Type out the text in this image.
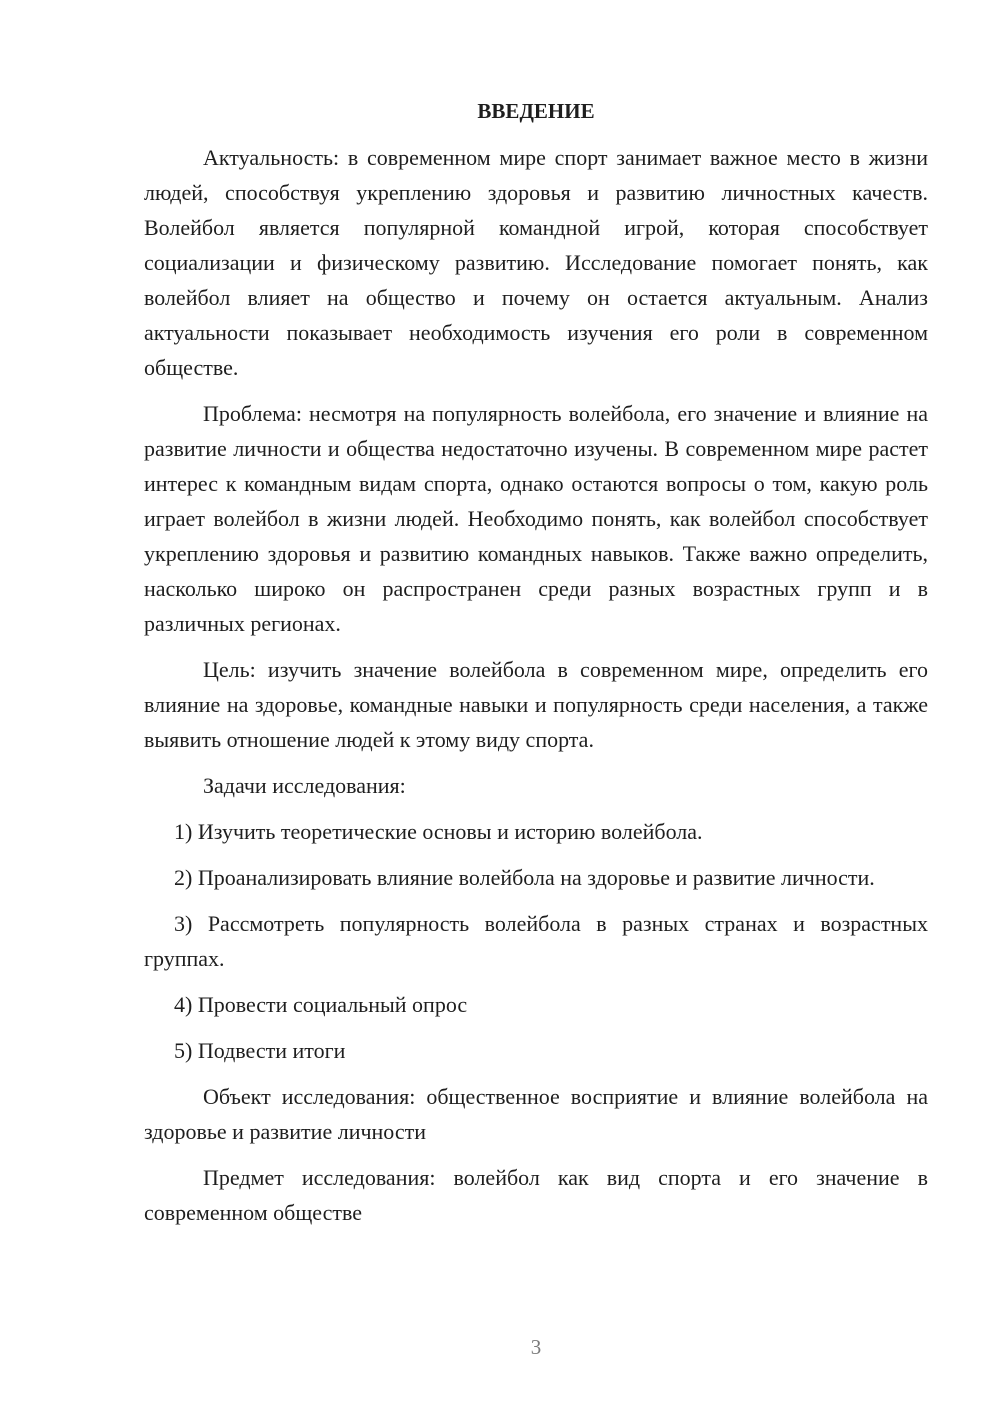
ВВЕДЕНИЕ

Актуальность: в современном мире спорт занимает важное место в жизни людей, способствуя укреплению здоровья и развитию личностных качеств. Волейбол является популярной командной игрой, которая способствует социализации и физическому развитию. Исследование помогает понять, как волейбол влияет на общество и почему он остается актуальным. Анализ актуальности показывает необходимость изучения его роли в современном обществе.

Проблема: несмотря на популярность волейбола, его значение и влияние на развитие личности и общества недостаточно изучены. В современном мире растет интерес к командным видам спорта, однако остаются вопросы о том, какую роль играет волейбол в жизни людей. Необходимо понять, как волейбол способствует укреплению здоровья и развитию командных навыков. Также важно определить, насколько широко он распространен среди разных возрастных групп и в различных регионах.

Цель: изучить значение волейбола в современном мире, определить его влияние на здоровье, командные навыки и популярность среди населения, а также выявить отношение людей к этому виду спорта.

Задачи исследования:

1) Изучить теоретические основы и историю волейбола.

2) Проанализировать влияние волейбола на здоровье и развитие личности.

3) Рассмотреть популярность волейбола в разных странах и возрастных группах.

4) Провести социальный опрос

5) Подвести итоги

Объект исследования: общественное восприятие и влияние волейбола на здоровье и развитие личности

Предмет исследования: волейбол как вид спорта и его значение в современном обществе

3
